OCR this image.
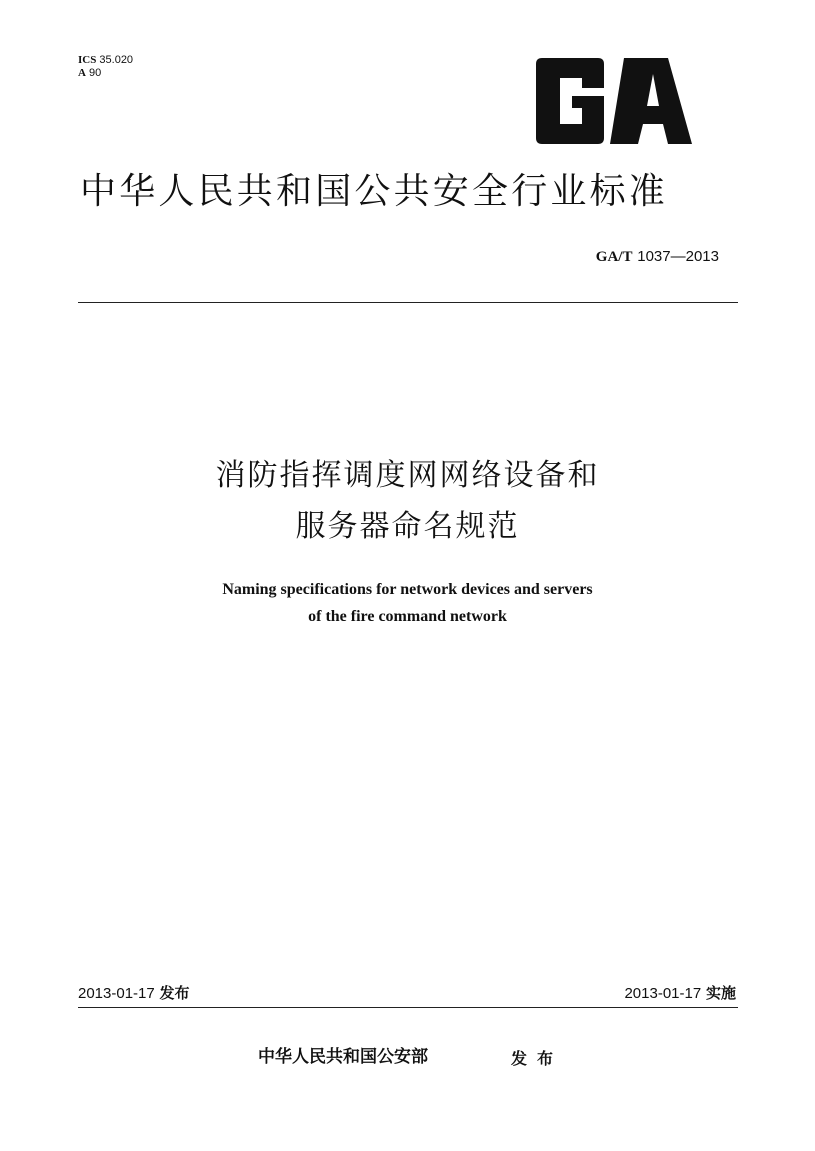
ICS 35.020
A 90
中华人民共和国公共安全行业标准
GA/T 1037—2013
消防指挥调度网网络设备和
服务器命名规范
Naming specifications for network devices and servers
of the fire command network
2013-01-17 发布	2013-01-17 实施
中华人民共和国公安部	发布
